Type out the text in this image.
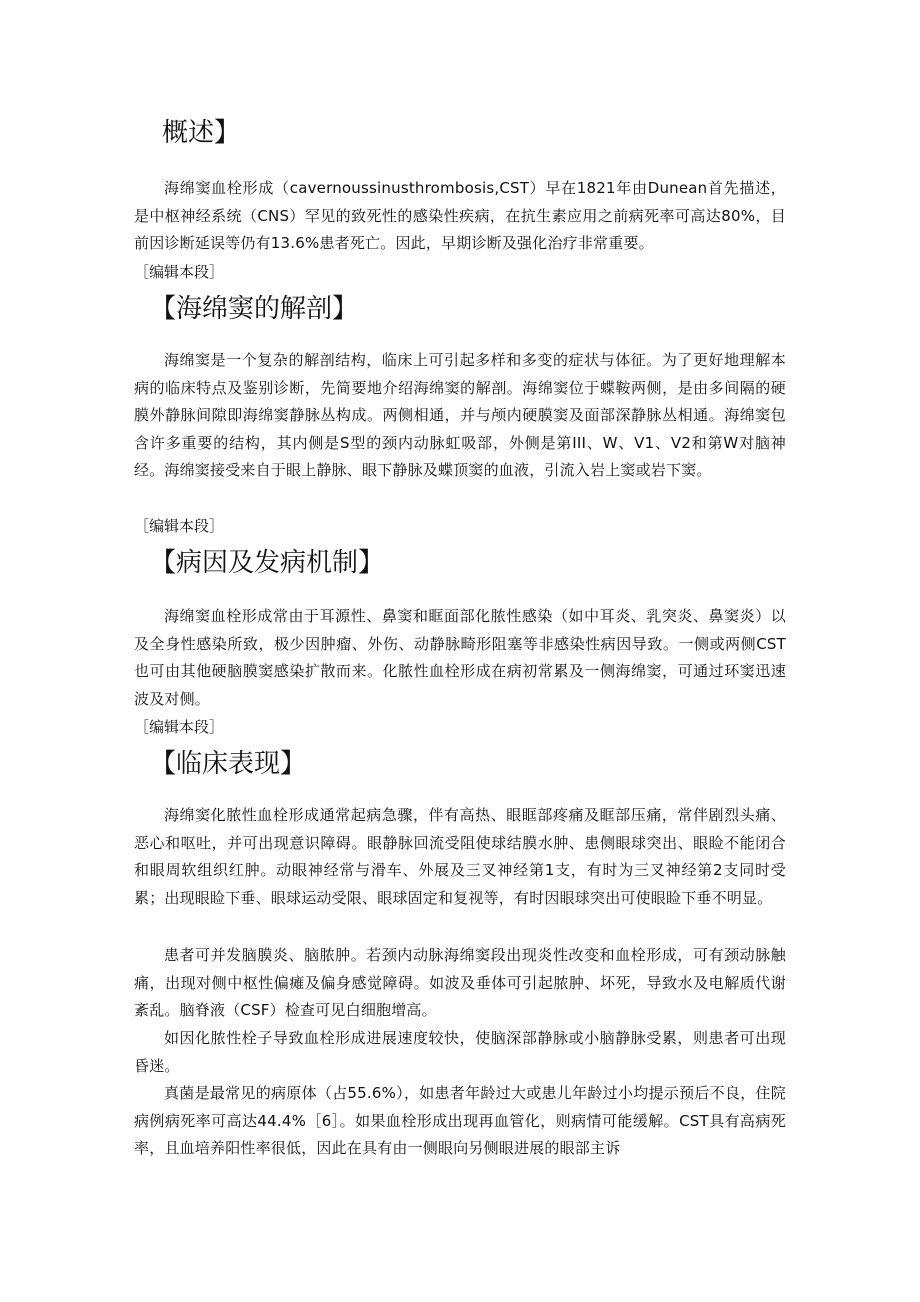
概述】

海绵窦血栓形成（cavernoussinusthrombosis,CST）早在1821年由Dunean首先描述，是中枢神经系统（CNS）罕见的致死性的感染性疾病，在抗生素应用之前病死率可高达80%，目前因诊断延误等仍有13.6%患者死亡。因此，早期诊断及强化治疗非常重要。

［编辑本段］
【海绵窦的解剖】

海绵窦是一个复杂的解剖结构，临床上可引起多样和多变的症状与体征。为了更好地理解本病的临床特点及鉴别诊断，先简要地介绍海绵窦的解剖。海绵窦位于蝶鞍两侧，是由多间隔的硬膜外静脉间隙即海绵窦静脉丛构成。两侧相通，并与颅内硬膜窦及面部深静脉丛相通。海绵窦包含许多重要的结构，其内侧是S型的颈内动脉虹吸部，外侧是第III、W、V1、V2和第W对脑神经。海绵窦接受来自于眼上静脉、眼下静脉及蝶顶窦的血液，引流入岩上窦或岩下窦。

［编辑本段］
【病因及发病机制】

海绵窦血栓形成常由于耳源性、鼻窦和眶面部化脓性感染（如中耳炎、乳突炎、鼻窦炎）以及全身性感染所致，极少因肿瘤、外伤、动静脉畸形阻塞等非感染性病因导致。一侧或两侧CST也可由其他硬脑膜窦感染扩散而来。化脓性血栓形成在病初常累及一侧海绵窦，可通过环窦迅速波及对侧。

［编辑本段］
【临床表现】

海绵窦化脓性血栓形成通常起病急骤，伴有高热、眼眶部疼痛及眶部压痛，常伴剧烈头痛、恶心和呕吐，并可出现意识障碍。眼静脉回流受阻使球结膜水肿、患侧眼球突出、眼睑不能闭合和眼周软组织红肿。动眼神经常与滑车、外展及三叉神经第1支，有时为三叉神经第2支同时受累；出现眼睑下垂、眼球运动受限、眼球固定和复视等，有时因眼球突出可使眼睑下垂不明显。

患者可并发脑膜炎、脑脓肿。若颈内动脉海绵窦段出现炎性改变和血栓形成，可有颈动脉触痛，出现对侧中枢性偏瘫及偏身感觉障碍。如波及垂体可引起脓肿、坏死，导致水及电解质代谢紊乱。脑脊液（CSF）检查可见白细胞增高。

如因化脓性栓子导致血栓形成进展速度较快，使脑深部静脉或小脑静脉受累，则患者可出现昏迷。

真菌是最常见的病原体（占55.6%），如患者年龄过大或患儿年龄过小均提示预后不良，住院病例病死率可高达44.4%［6］。如果血栓形成出现再血管化，则病情可能缓解。CST具有高病死率，且血培养阳性率很低，因此在具有由一侧眼向另侧眼进展的眼部主诉
